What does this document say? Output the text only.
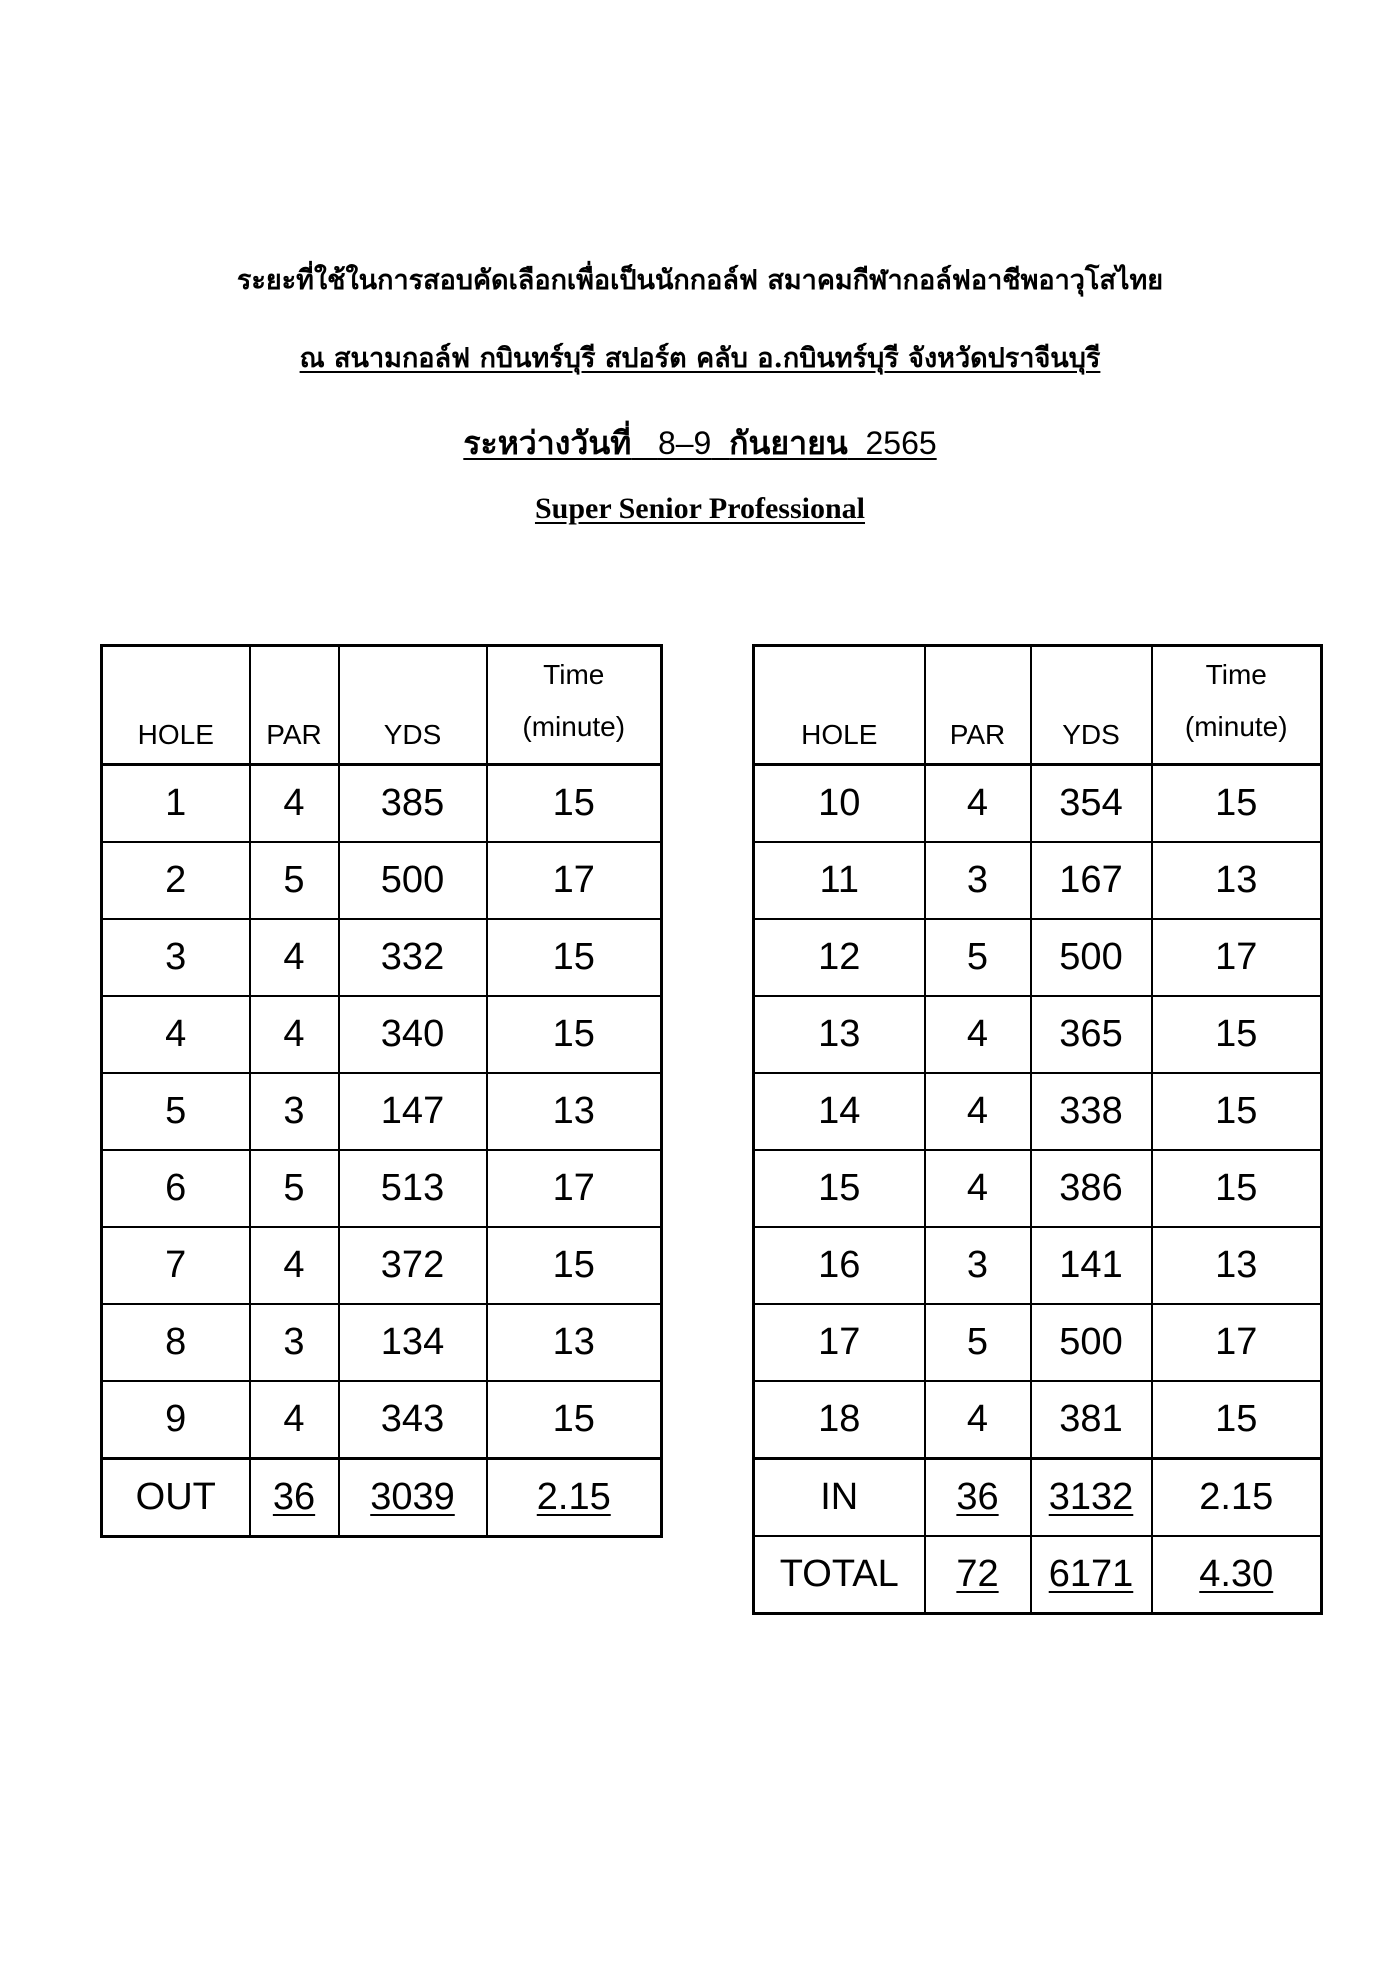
ระยะที่ใช้ในการสอบคัดเลือกเพื่อเป็นนักกอล์ฟ สมาคมกีฬากอล์ฟอาชีพอาวุโสไทย
ณ สนามกอล์ฟ กบินทร์บุรี สปอร์ต คลับ อ.กบินทร์บุรี จังหวัดปราจีนบุรี
ระหว่างวันที่ 8–9 กันยายน 2565
Super Senior Professional
HOLE	PAR	YDS	Time
(minute)
1	4	385	15
2	5	500	17
3	4	332	15
4	4	340	15
5	3	147	13
6	5	513	17
7	4	372	15
8	3	134	13
9	4	343	15
OUT	36	3039	2.15
HOLE	PAR	YDS	Time
(minute)
10	4	354	15
11	3	167	13
12	5	500	17
13	4	365	15
14	4	338	15
15	4	386	15
16	3	141	13
17	5	500	17
18	4	381	15
IN	36	3132	2.15
TOTAL	72	6171	4.30
